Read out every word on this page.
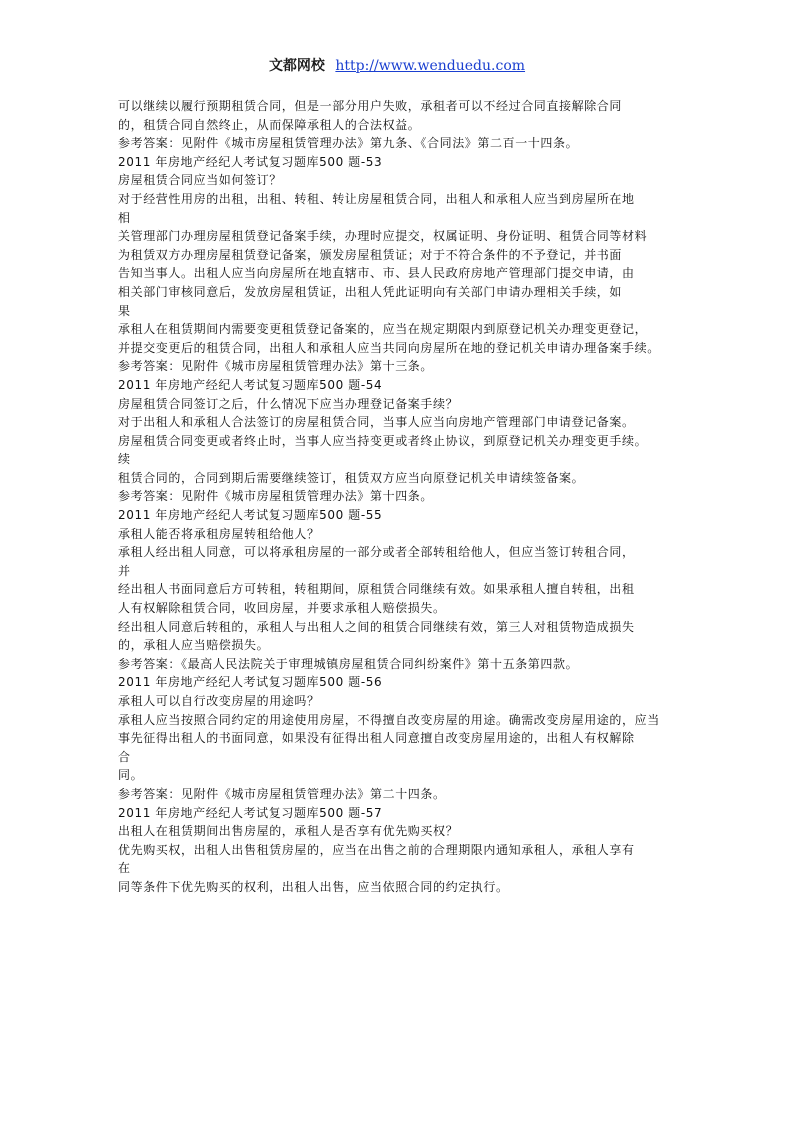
文都网校 http://www.wenduedu.com
可以继续以履行预期租赁合同，但是一部分用户失败，承租者可以不经过合同直接解除合同
的，租赁合同自然终止，从而保障承租人的合法权益。
参考答案：见附件《城市房屋租赁管理办法》第九条、《合同法》第二百一十四条。
2011 年房地产经纪人考试复习题库500 题-53
房屋租赁合同应当如何签订？
对于经营性用房的出租，出租、转租、转让房屋租赁合同，出租人和承租人应当到房屋所在地
相
关管理部门办理房屋租赁登记备案手续，办理时应提交，权属证明、身份证明、租赁合同等材料
为租赁双方办理房屋租赁登记备案，颁发房屋租赁证；对于不符合条件的不予登记，并书面
告知当事人。出租人应当向房屋所在地直辖市、市、县人民政府房地产管理部门提交申请，由
相关部门审核同意后，发放房屋租赁证，出租人凭此证明向有关部门申请办理相关手续，如
果
承租人在租赁期间内需要变更租赁登记备案的，应当在规定期限内到原登记机关办理变更登记，
并提交变更后的租赁合同，出租人和承租人应当共同向房屋所在地的登记机关申请办理备案手续。
参考答案：见附件《城市房屋租赁管理办法》第十三条。
2011 年房地产经纪人考试复习题库500 题-54
房屋租赁合同签订之后，什么情况下应当办理登记备案手续？
对于出租人和承租人合法签订的房屋租赁合同，当事人应当向房地产管理部门申请登记备案。
房屋租赁合同变更或者终止时，当事人应当持变更或者终止协议，到原登记机关办理变更手续。
续
租赁合同的，合同到期后需要继续签订，租赁双方应当向原登记机关申请续签备案。
参考答案：见附件《城市房屋租赁管理办法》第十四条。
2011 年房地产经纪人考试复习题库500 题-55
承租人能否将承租房屋转租给他人？
承租人经出租人同意，可以将承租房屋的一部分或者全部转租给他人，但应当签订转租合同，
并
经出租人书面同意后方可转租，转租期间，原租赁合同继续有效。如果承租人擅自转租，出租
人有权解除租赁合同，收回房屋，并要求承租人赔偿损失。
经出租人同意后转租的，承租人与出租人之间的租赁合同继续有效，第三人对租赁物造成损失
的，承租人应当赔偿损失。
参考答案：《最高人民法院关于审理城镇房屋租赁合同纠纷案件》第十五条第四款。
2011 年房地产经纪人考试复习题库500 题-56
承租人可以自行改变房屋的用途吗？
承租人应当按照合同约定的用途使用房屋，不得擅自改变房屋的用途。确需改变房屋用途的，应当
事先征得出租人的书面同意，如果没有征得出租人同意擅自改变房屋用途的，出租人有权解除
合
同。
参考答案：见附件《城市房屋租赁管理办法》第二十四条。
2011 年房地产经纪人考试复习题库500 题-57
出租人在租赁期间出售房屋的，承租人是否享有优先购买权？
优先购买权，出租人出售租赁房屋的，应当在出售之前的合理期限内通知承租人，承租人享有
在
同等条件下优先购买的权利，出租人出售，应当依照合同的约定执行。
